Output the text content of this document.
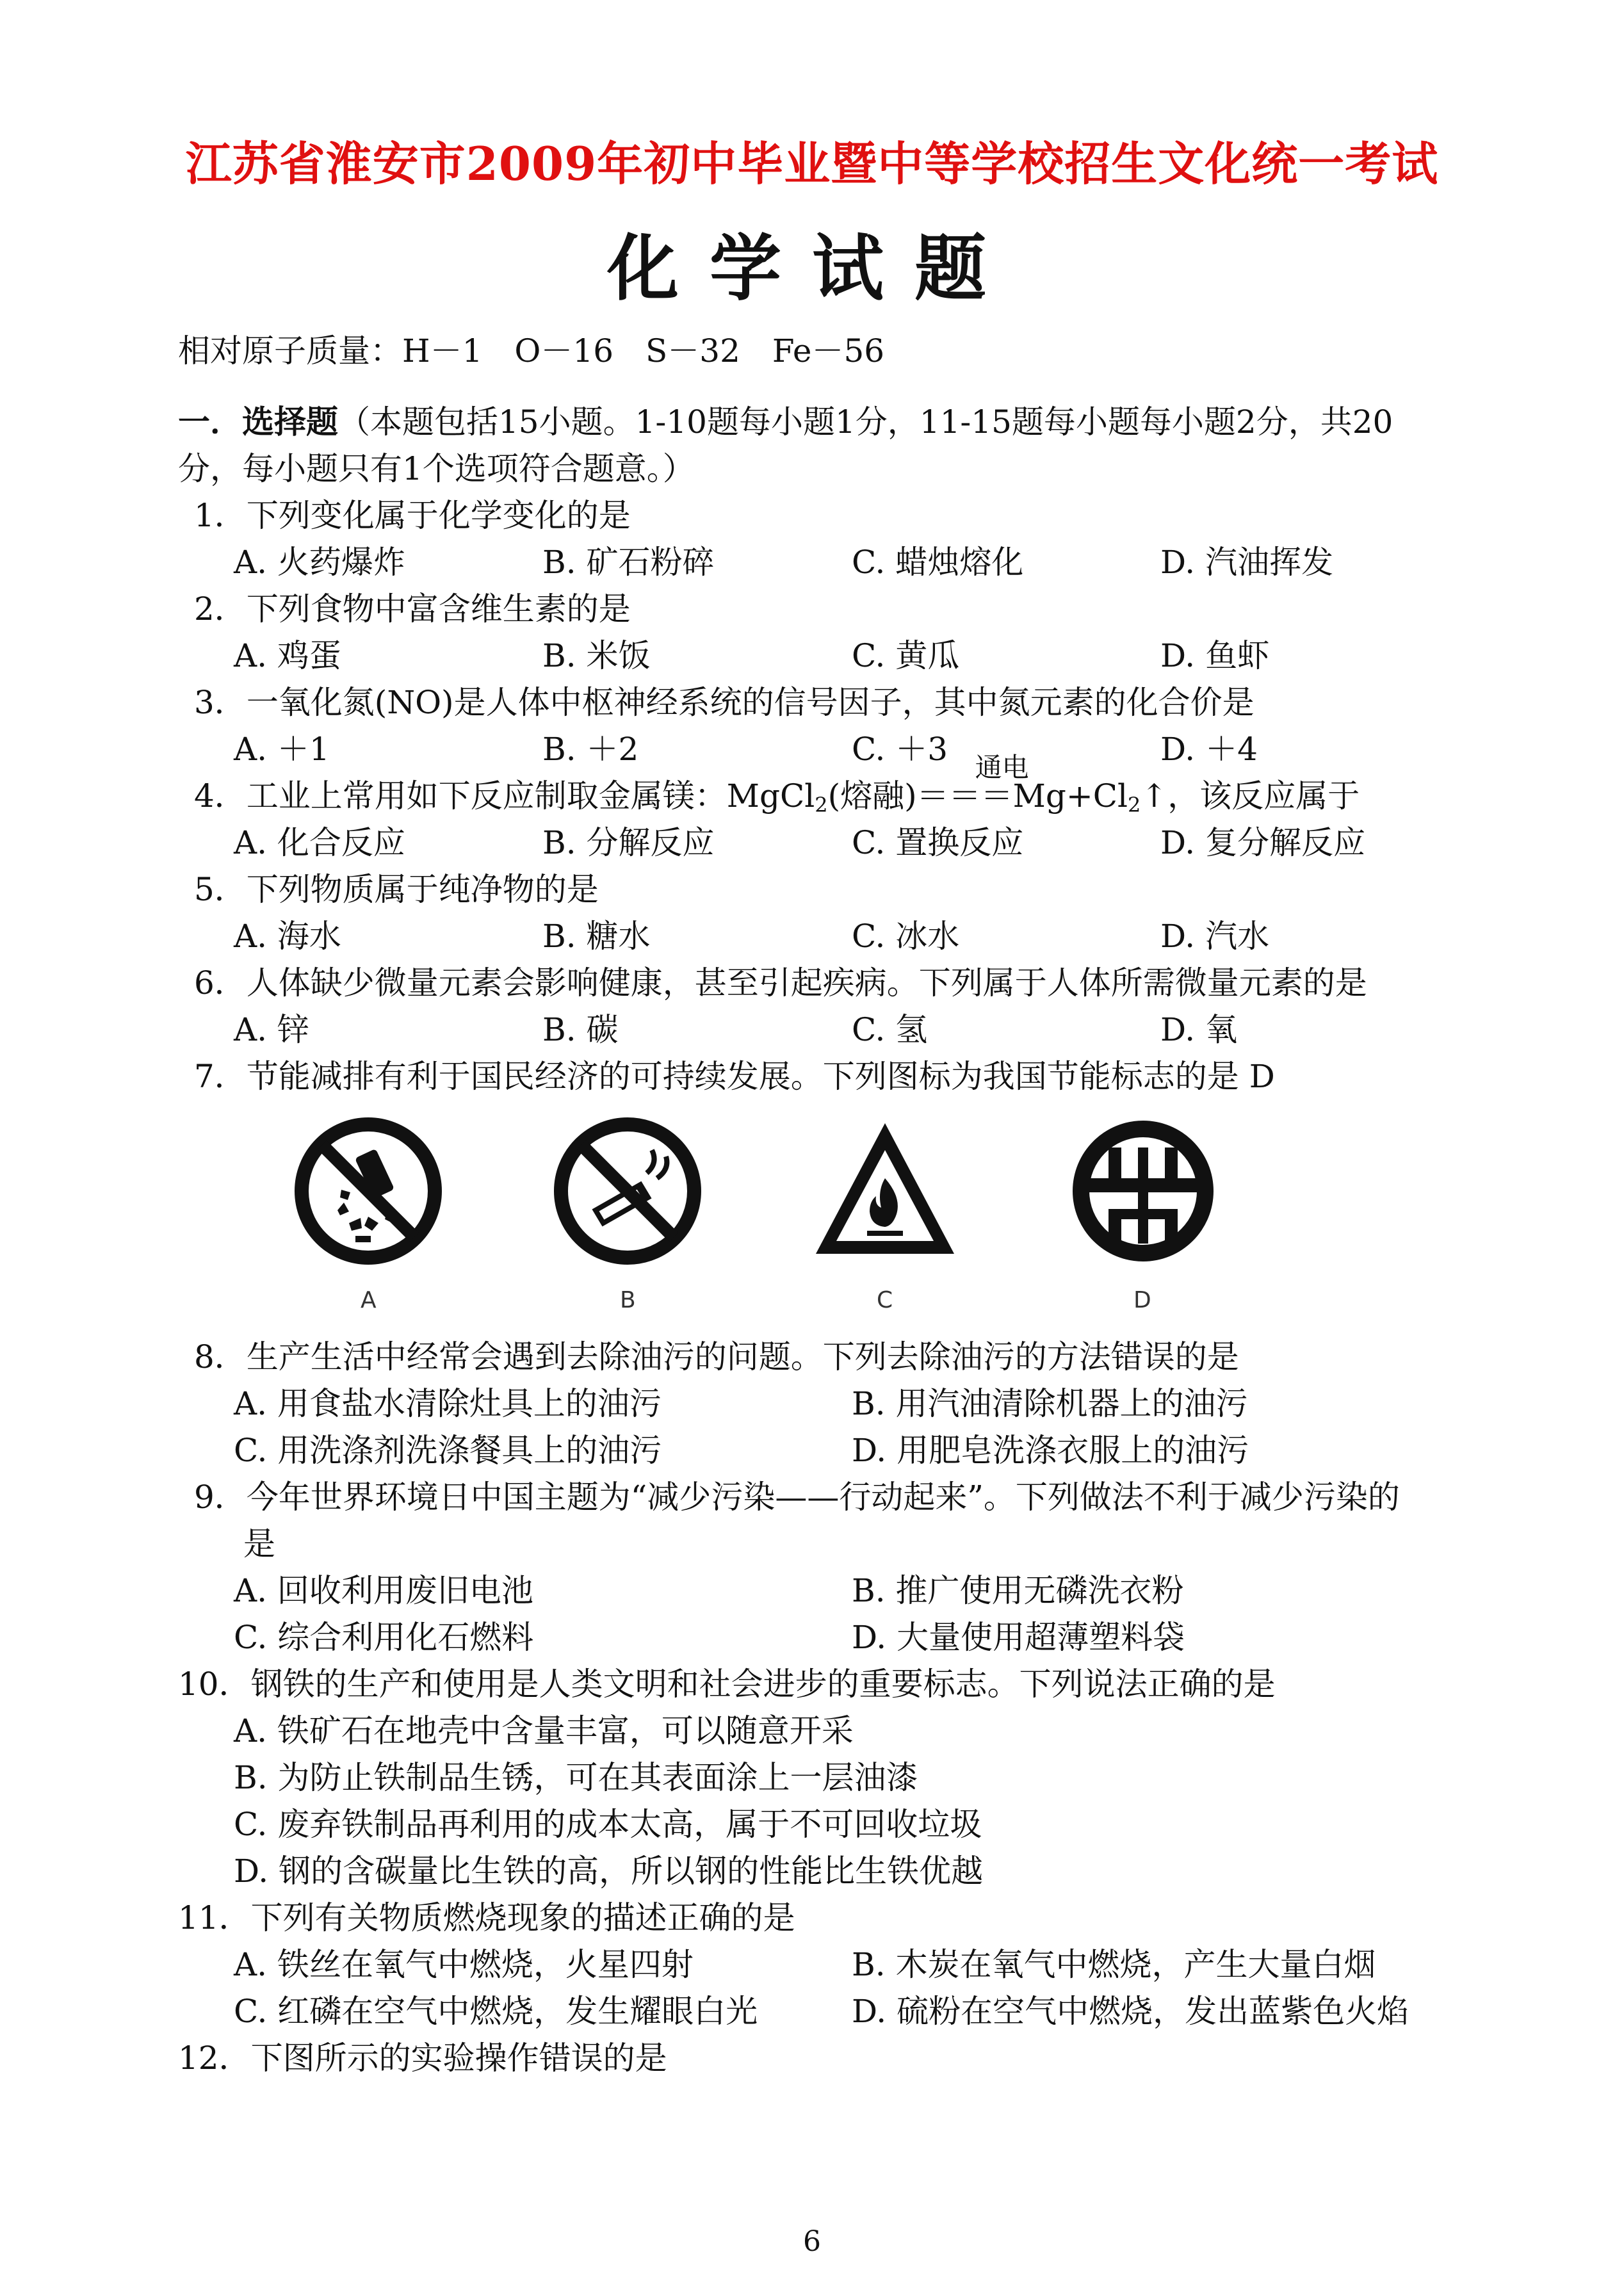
江苏省淮安市2009年初中毕业暨中等学校招生文化统一考试
化学试题
相对原子质量：H－1　O－16　S－32　Fe－56
一．选择题（本题包括15小题。1-10题每小题1分，11-15题每小题每小题2分，共20
分，每小题只有1个选项符合题意。）
1．下列变化属于化学变化的是
A. 火药爆炸	B. 矿石粉碎	C. 蜡烛熔化	D. 汽油挥发
2．下列食物中富含维生素的是
A. 鸡蛋	B. 米饭	C. 黄瓜	D. 鱼虾
3．一氧化氮(NO)是人体中枢神经系统的信号因子，其中氮元素的化合价是
A. ＋1	B. ＋2	C. ＋3	D. ＋4
4．工业上常用如下反应制取金属镁：MgCl$_2$
通电
(熔融)$===Mg+Cl_2↑$，该反应属于
A. 化合反应	B. 分解反应	C. 置换反应	D. 复分解反应
5．下列物质属于纯净物的是
A. 海水	B. 糖水	C. 冰水	D. 汽水
6．人体缺少微量元素会影响健康，甚至引起疾病。下列属于人体所需微量元素的是
A. 锌	B. 碳	C. 氢	D. 氧
7．节能减排有利于国民经济的可持续发展。下列图标为我国节能标志的是 D
A	B	C	D
8．生产生活中经常会遇到去除油污的问题。下列去除油污的方法错误的是
A. 用食盐水清除灶具上的油污	B. 用汽油清除机器上的油污
C. 用洗涤剂洗涤餐具上的油污	D. 用肥皂洗涤衣服上的油污
9．今年世界环境日中国主题为“减少污染——行动起来”。下列做法不利于减少污染的
是
A. 回收利用废旧电池	B. 推广使用无磷洗衣粉
C. 综合利用化石燃料	D. 大量使用超薄塑料袋
10．钢铁的生产和使用是人类文明和社会进步的重要标志。下列说法正确的是
A. 铁矿石在地壳中含量丰富，可以随意开采
B. 为防止铁制品生锈，可在其表面涂上一层油漆
C. 废弃铁制品再利用的成本太高，属于不可回收垃圾
D. 钢的含碳量比生铁的高，所以钢的性能比生铁优越
11．下列有关物质燃烧现象的描述正确的是
A. 铁丝在氧气中燃烧，火星四射	B. 木炭在氧气中燃烧，产生大量白烟
C. 红磷在空气中燃烧，发生耀眼白光	D. 硫粉在空气中燃烧，发出蓝紫色火焰
12．下图所示的实验操作错误的是
6
